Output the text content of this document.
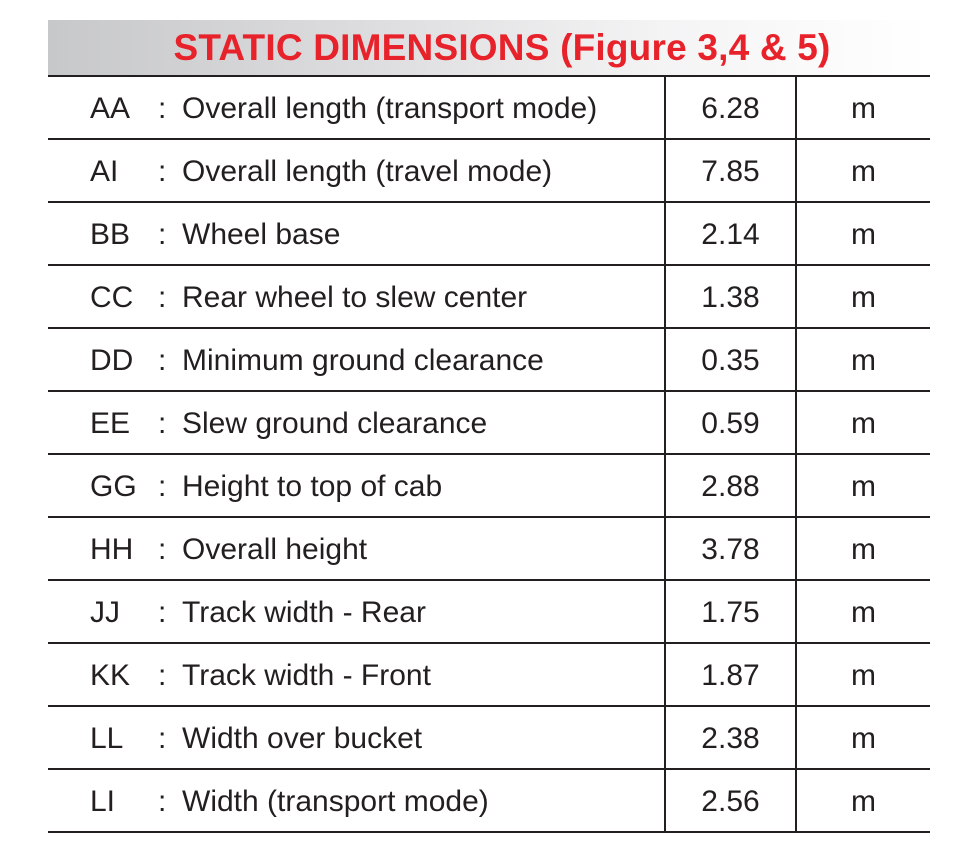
STATIC DIMENSIONS (Figure 3,4 & 5)
AA : Overall length (transport mode)	6.28	m
AI	: Overall length (travel mode)	7.85	m
BB : Wheel base	2.14	m
CC : Rear wheel to slew center	1.38	m
DD : Minimum ground clearance	0.35	m
EE : Slew ground clearance	0.59	m
GG : Height to top of cab	2.88	m
HH : Overall height	3.78	m
JJ	: Track width - Rear	1.75	m
KK : Track width - Front	1.87	m
LL	: Width over bucket	2.38	m
LI	: Width (transport mode)	2.56	m
